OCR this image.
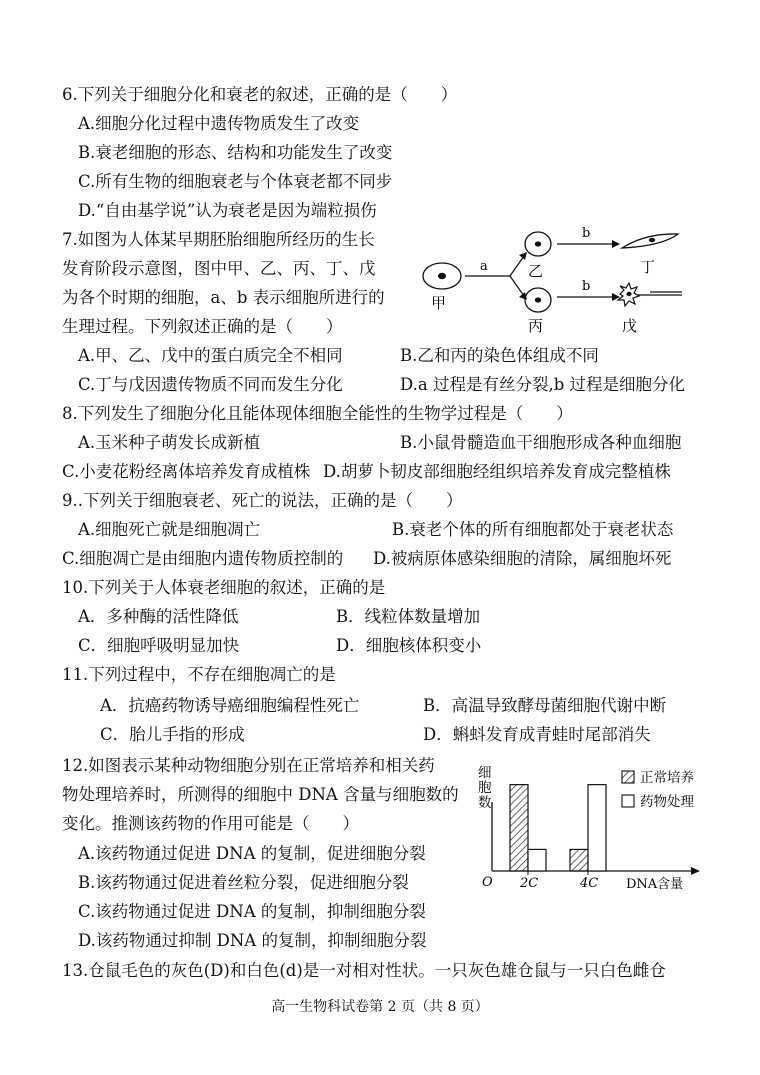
6.下列关于细胞分化和衰老的叙述，正确的是（　　）
A.细胞分化过程中遗传物质发生了改变
B.衰老细胞的形态、结构和功能发生了改变
C.所有生物的细胞衰老与个体衰老都不同步
D.“自由基学说”认为衰老是因为端粒损伤
7.如图为人体某早期胚胎细胞所经历的生长
发育阶段示意图，图中甲、乙、丙、丁、戊
为各个时期的细胞，a、b 表示细胞所进行的
生理过程。下列叙述正确的是（　　）
甲
a	乙
丙
b
b
丁
戊
A.甲、乙、戊中的蛋白质完全不相同	B.乙和丙的染色体组成不同
C.丁与戊因遗传物质不同而发生分化	D.a 过程是有丝分裂,b 过程是细胞分化
8.下列发生了细胞分化且能体现体细胞全能性的生物学过程是（　　）
A.玉米种子萌发长成新植	B.小鼠骨髓造血干细胞形成各种血细胞
C.小麦花粉经离体培养发育成植株 D.胡萝卜韧皮部细胞经组织培养发育成完整植株
9..下列关于细胞衰老、死亡的说法，正确的是（　　）
A.细胞死亡就是细胞凋亡	B.衰老个体的所有细胞都处于衰老状态
C.细胞凋亡是由细胞内遗传物质控制的 D.被病原体感染细胞的清除，属细胞坏死
10.下列关于人体衰老细胞的叙述，正确的是
A．多种酶的活性降低	B．线粒体数量增加
C．细胞呼吸明显加快	D．细胞核体积变小
11.下列过程中，不存在细胞凋亡的是
A．抗癌药物诱导癌细胞编程性死亡	B．高温导致酵母菌细胞代谢中断
C．胎儿手指的形成	D．蝌蚪发育成青蛙时尾部消失
12.如图表示某种动物细胞分别在正常培养和相关药
物处理培养时，所测得的细胞中 DNA 含量与细胞数的
变化。推测该药物的作用可能是（　　）
A.该药物通过促进 DNA 的复制，促进细胞分裂
B.该药物通过促进着丝粒分裂，促进细胞分裂
C.该药物通过促进 DNA 的复制，抑制细胞分裂
D.该药物通过抑制 DNA 的复制，抑制细胞分裂
细胞数
O	DNA含量
2C	4C
正常培养
药物处理
13.仓鼠毛色的灰色(D)和白色(d)是一对相对性状。一只灰色雄仓鼠与一只白色雌仓
高一生物科试卷第 2 页（共 8 页）
